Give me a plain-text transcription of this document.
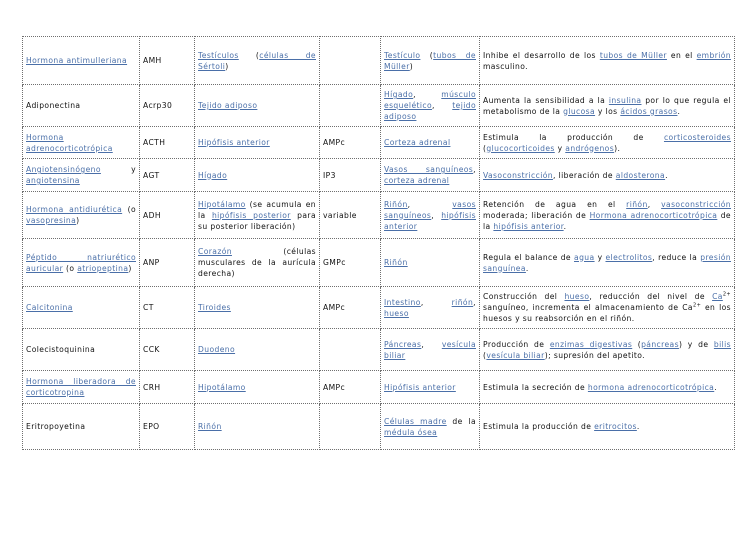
Hormona antimulleriana	AMH	Testículos (células de Sértoli)		Testículo (tubos de Müller)	Inhibe el desarrollo de los tubos de Müller en el embrión masculino.
Adiponectina	Acrp30	Tejido adiposo		Hígado, músculo esquelético, tejido adiposo	Aumenta la sensibilidad a la insulina por lo que regula el metabolismo de la glucosa y los ácidos grasos.
Hormona adrenocorticotrópica	ACTH	Hipófisis anterior	AMPc	Corteza adrenal	Estimula la producción de corticosteroides (glucocorticoides y andrógenos).
Angiotensinógeno y angiotensina	AGT	Hígado	IP3	Vasos sanguíneos, corteza adrenal	Vasoconstricción, liberación de aldosterona.
Hormona antidiurética (o vasopresina)	ADH	Hipotálamo (se acumula en la hipófisis posterior para su posterior liberación)	variable	Riñón, vasos sanguíneos, hipófisis anterior	Retención de agua en el riñón, vasoconstricción moderada; liberación de Hormona adrenocorticotrópica de la hipófisis anterior.
Péptido natriurético auricular (o atriopeptina)	ANP	Corazón (células musculares de la aurícula derecha)	GMPc	Riñón	Regula el balance de agua y electrolitos, reduce la presión sanguínea.
Calcitonina	CT	Tiroides	AMPc	Intestino, riñón, hueso	Construcción del hueso, reducción del nivel de $Ca^{2+}$ sanguíneo, incrementa el almacenamiento de $Ca^{2+}$ en los huesos y su reabsorción en el riñón.
Colecistoquinina	CCK	Duodeno		Páncreas, vesícula biliar	Producción de enzimas digestivas (páncreas) y de bilis (vesícula biliar); supresión del apetito.
Hormona liberadora de corticotropina	CRH	Hipotálamo	AMPc	Hipófisis anterior	Estimula la secreción de hormona adrenocorticotrópica.
Eritropoyetina	EPO	Riñón		Células madre de la médula ósea	Estimula la producción de eritrocitos.
